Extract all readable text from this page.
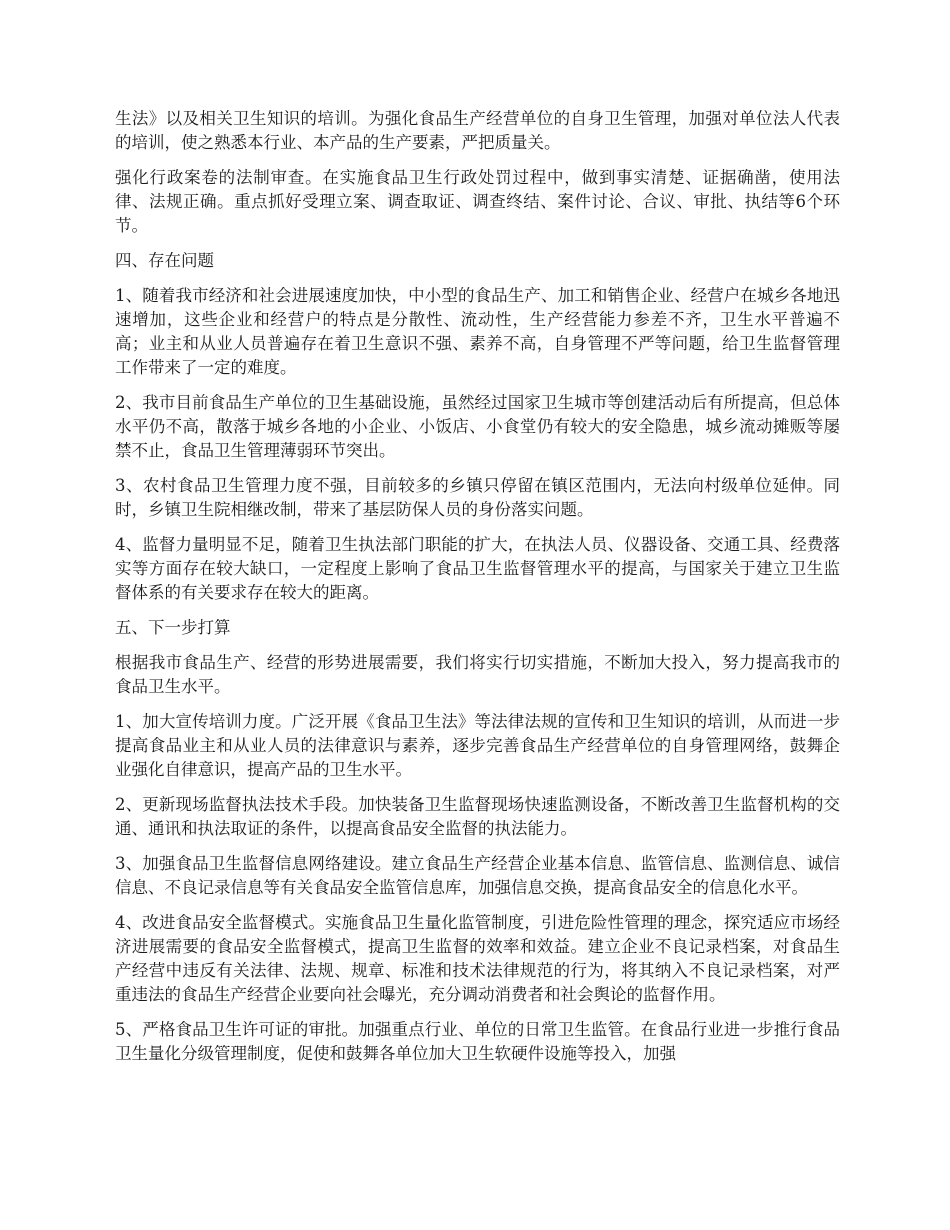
生法》以及相关卫生知识的培训。为强化食品生产经营单位的自身卫生管理，加强对单位法人代表的培训，使之熟悉本行业、本产品的生产要素，严把质量关。

强化行政案卷的法制审查。在实施食品卫生行政处罚过程中，做到事实清楚、证据确凿，使用法律、法规正确。重点抓好受理立案、调查取证、调查终结、案件讨论、合议、审批、执结等6个环节。

四、存在问题

1、随着我市经济和社会进展速度加快，中小型的食品生产、加工和销售企业、经营户在城乡各地迅速增加，这些企业和经营户的特点是分散性、流动性，生产经营能力参差不齐，卫生水平普遍不高；业主和从业人员普遍存在着卫生意识不强、素养不高，自身管理不严等问题，给卫生监督管理工作带来了一定的难度。

2、我市目前食品生产单位的卫生基础设施，虽然经过国家卫生城市等创建活动后有所提高，但总体水平仍不高，散落于城乡各地的小企业、小饭店、小食堂仍有较大的安全隐患，城乡流动摊贩等屡禁不止，食品卫生管理薄弱环节突出。

3、农村食品卫生管理力度不强，目前较多的乡镇只停留在镇区范围内，无法向村级单位延伸。同时，乡镇卫生院相继改制，带来了基层防保人员的身份落实问题。

4、监督力量明显不足，随着卫生执法部门职能的扩大，在执法人员、仪器设备、交通工具、经费落实等方面存在较大缺口，一定程度上影响了食品卫生监督管理水平的提高，与国家关于建立卫生监督体系的有关要求存在较大的距离。

五、下一步打算

根据我市食品生产、经营的形势进展需要，我们将实行切实措施，不断加大投入，努力提高我市的食品卫生水平。

1、加大宣传培训力度。广泛开展《食品卫生法》等法律法规的宣传和卫生知识的培训，从而进一步提高食品业主和从业人员的法律意识与素养，逐步完善食品生产经营单位的自身管理网络，鼓舞企业强化自律意识，提高产品的卫生水平。

2、更新现场监督执法技术手段。加快装备卫生监督现场快速监测设备，不断改善卫生监督机构的交通、通讯和执法取证的条件，以提高食品安全监督的执法能力。

3、加强食品卫生监督信息网络建设。建立食品生产经营企业基本信息、监管信息、监测信息、诚信信息、不良记录信息等有关食品安全监管信息库，加强信息交换，提高食品安全的信息化水平。

4、改进食品安全监督模式。实施食品卫生量化监管制度，引进危险性管理的理念，探究适应市场经济进展需要的食品安全监督模式，提高卫生监督的效率和效益。建立企业不良记录档案，对食品生产经营中违反有关法律、法规、规章、标准和技术法律规范的行为，将其纳入不良记录档案，对严重违法的食品生产经营企业要向社会曝光，充分调动消费者和社会舆论的监督作用。

5、严格食品卫生许可证的审批。加强重点行业、单位的日常卫生监管。在食品行业进一步推行食品卫生量化分级管理制度，促使和鼓舞各单位加大卫生软硬件设施等投入，加强
